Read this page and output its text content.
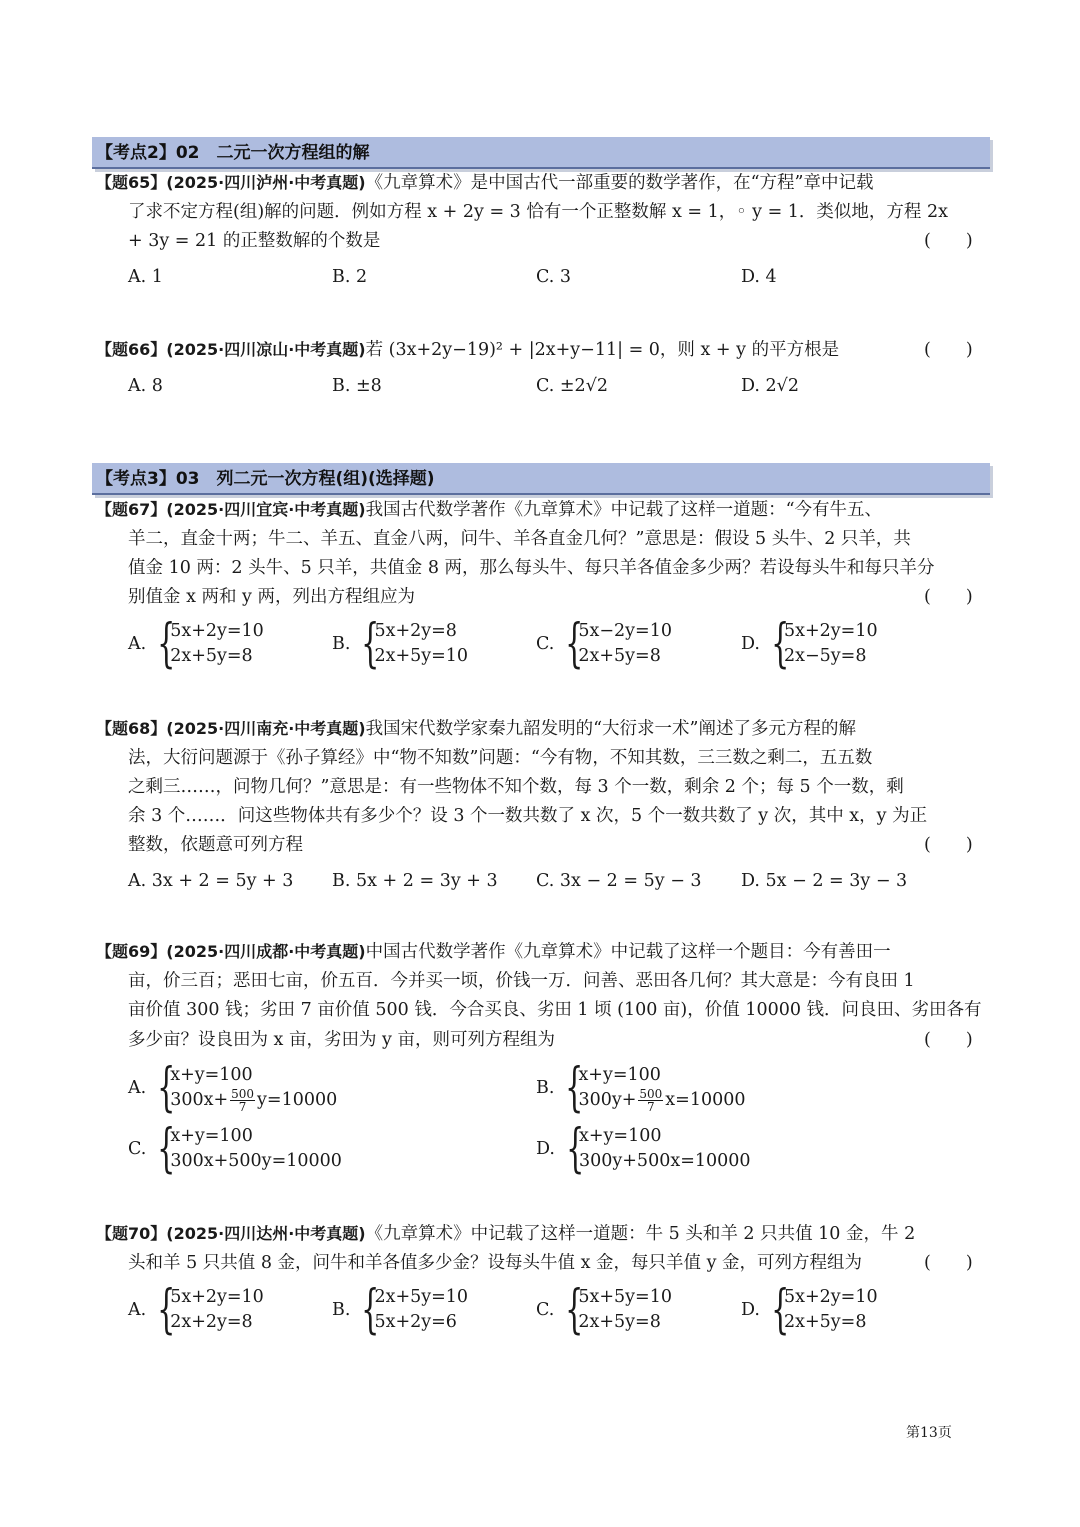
【考点2】02　二元一次方程组的解
【题65】(2025·四川泸州·中考真题)《九章算术》是中国古代一部重要的数学著作，在“方程”章中记载
了求不定方程(组)解的问题．例如方程 x + 2y = 3 恰有一个正整数解 x = 1，◦ y = 1．类似地，方程 2x
+ 3y = 21 的正整数解的个数是	(　　)
A. 1	B. 2	C. 3	D. 4
【题66】(2025·四川凉山·中考真题)若 (3x+2y−19)² + |2x+y−11| = 0，则 x + y 的平方根是	(　　)
A. 8	B. ±8	C. ±2√2	D. 2√2
【考点3】03　列二元一次方程(组)(选择题)
【题67】(2025·四川宜宾·中考真题)我国古代数学著作《九章算术》中记载了这样一道题：“今有牛五、
羊二，直金十两；牛二、羊五、直金八两，问牛、羊各直金几何？”意思是：假设 5 头牛、2 只羊，共
值金 10 两：2 头牛、5 只羊，共值金 8 两，那么每头牛、每只羊各值金多少两？若设每头牛和每只羊分
别值金 x 两和 y 两，列出方程组应为	(　　)
A. {
5x+2y=10
2x+5y=8
B. {
5x+2y=8
2x+5y=10
C. {
5x−2y=10
2x+5y=8
D. {
5x+2y=10
2x−5y=8
【题68】(2025·四川南充·中考真题)我国宋代数学家秦九韶发明的“大衍求一术”阐述了多元方程的解
法，大衍问题源于《孙子算经》中“物不知数”问题：“今有物，不知其数，三三数之剩二，五五数
之剩三……，问物几何？”意思是：有一些物体不知个数，每 3 个一数，剩余 2 个；每 5 个一数，剩
余 3 个……．问这些物体共有多少个？设 3 个一数共数了 x 次，5 个一数共数了 y 次，其中 x，y 为正
整数，依题意可列方程	(　　)
A. 3x + 2 = 5y + 3 B. 5x + 2 = 3y + 3 C. 3x − 2 = 5y − 3 D. 5x − 2 = 3y − 3
【题69】(2025·四川成都·中考真题)中国古代数学著作《九章算术》中记载了这样一个题目：今有善田一
亩，价三百；恶田七亩，价五百．今并买一顷，价钱一万．问善、恶田各几何？其大意是：今有良田 1
亩价值 300 钱；劣田 7 亩价值 500 钱．今合买良、劣田 1 顷 (100 亩)，价值 10000 钱．问良田、劣田各有
多少亩？设良田为 x 亩，劣田为 y 亩，则可列方程组为	(　　)
A. {
x+y=100
$300x+ \frac{500}{7} y=10000$
B. {
x+y=100
$300y+ \frac{500}{7} x=10000$
C. {
x+y=100
300x+500y=10000
D. {
x+y=100
300y+500x=10000
【题70】(2025·四川达州·中考真题)《九章算术》中记载了这样一道题：牛 5 头和羊 2 只共值 10 金，牛 2
头和羊 5 只共值 8 金，问牛和羊各值多少金？设每头牛值 x 金，每只羊值 y 金，可列方程组为	(　　)
A. {
5x+2y=10
2x+2y=8
B. {
2x+5y=10
5x+2y=6
C. {
5x+5y=10
2x+5y=8
D. {
5x+2y=10
2x+5y=8
第13页
